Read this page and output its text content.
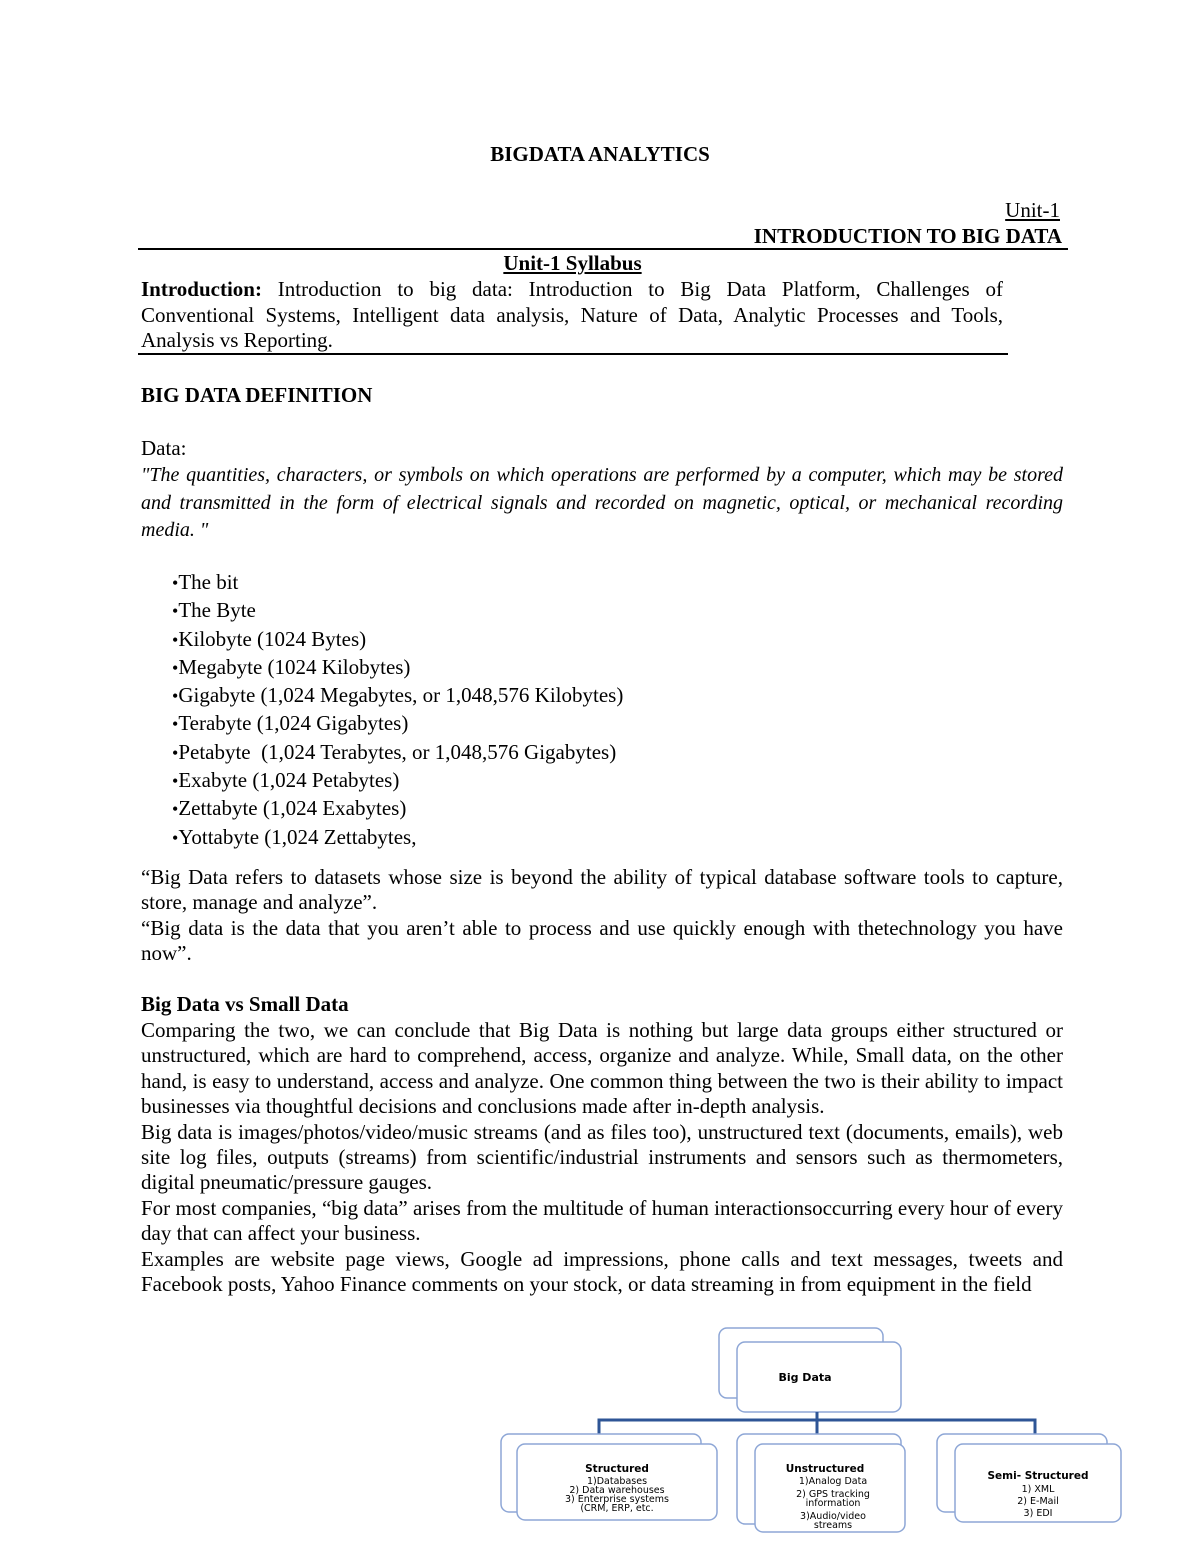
BIGDATA ANALYTICS
Unit-1
INTRODUCTION TO BIG DATA
Unit-1 Syllabus
Introduction: Introduction to big data: Introduction to Big Data Platform, Challenges of Conventional Systems, Intelligent data analysis, Nature of Data, Analytic Processes and Tools, Analysis vs Reporting.
BIG DATA DEFINITION
Data:
"The quantities, characters, or symbols on which operations are performed by a computer, which may be stored and transmitted in the form of electrical signals and recorded on magnetic, optical, or mechanical recording media. "
• The bit
• The Byte
• Kilobyte (1024 Bytes)
• Megabyte (1024 Kilobytes)
• Gigabyte (1,024 Megabytes, or 1,048,576 Kilobytes)
• Terabyte (1,024 Gigabytes)
• Petabyte  (1,024 Terabytes, or 1,048,576 Gigabytes)
• Exabyte (1,024 Petabytes)
• Zettabyte (1,024 Exabytes)
• Yottabyte (1,024 Zettabytes,
“Big Data refers to datasets whose size is beyond the ability of typical database software tools to capture, store, manage and analyze”.
“Big data is the data that you aren’t able to process and use quickly enough with thetechnology you have now”.
Big Data vs Small Data
Comparing the two, we can conclude that Big Data is nothing but large data groups either structured or unstructured, which are hard to comprehend, access, organize and analyze. While, Small data, on the other hand, is easy to understand, access and analyze. One common thing between the two is their ability to impact businesses via thoughtful decisions and conclusions made after in-depth analysis.
Big data is images/photos/video/music streams (and as files too), unstructured text (documents, emails), web site log files, outputs (streams) from scientific/industrial instruments and sensors such as thermometers, digital pneumatic/pressure gauges.
For most companies, “big data” arises from the multitude of human interactionsoccurring every hour of every day that can affect your business.
Examples are website page views, Google ad impressions, phone calls and text messages, tweets and Facebook posts, Yahoo Finance comments on your stock, or data streaming in from equipment in the field
Big Data
Structured
1)Databases
2) Data warehouses
3) Enterprise systems
(CRM, ERP, etc.
Unstructured
1)Analog Data
2) GPS tracking
information
3)Audio/video
streams
Semi- Structured
1) XML
2) E-Mail
3) EDI
